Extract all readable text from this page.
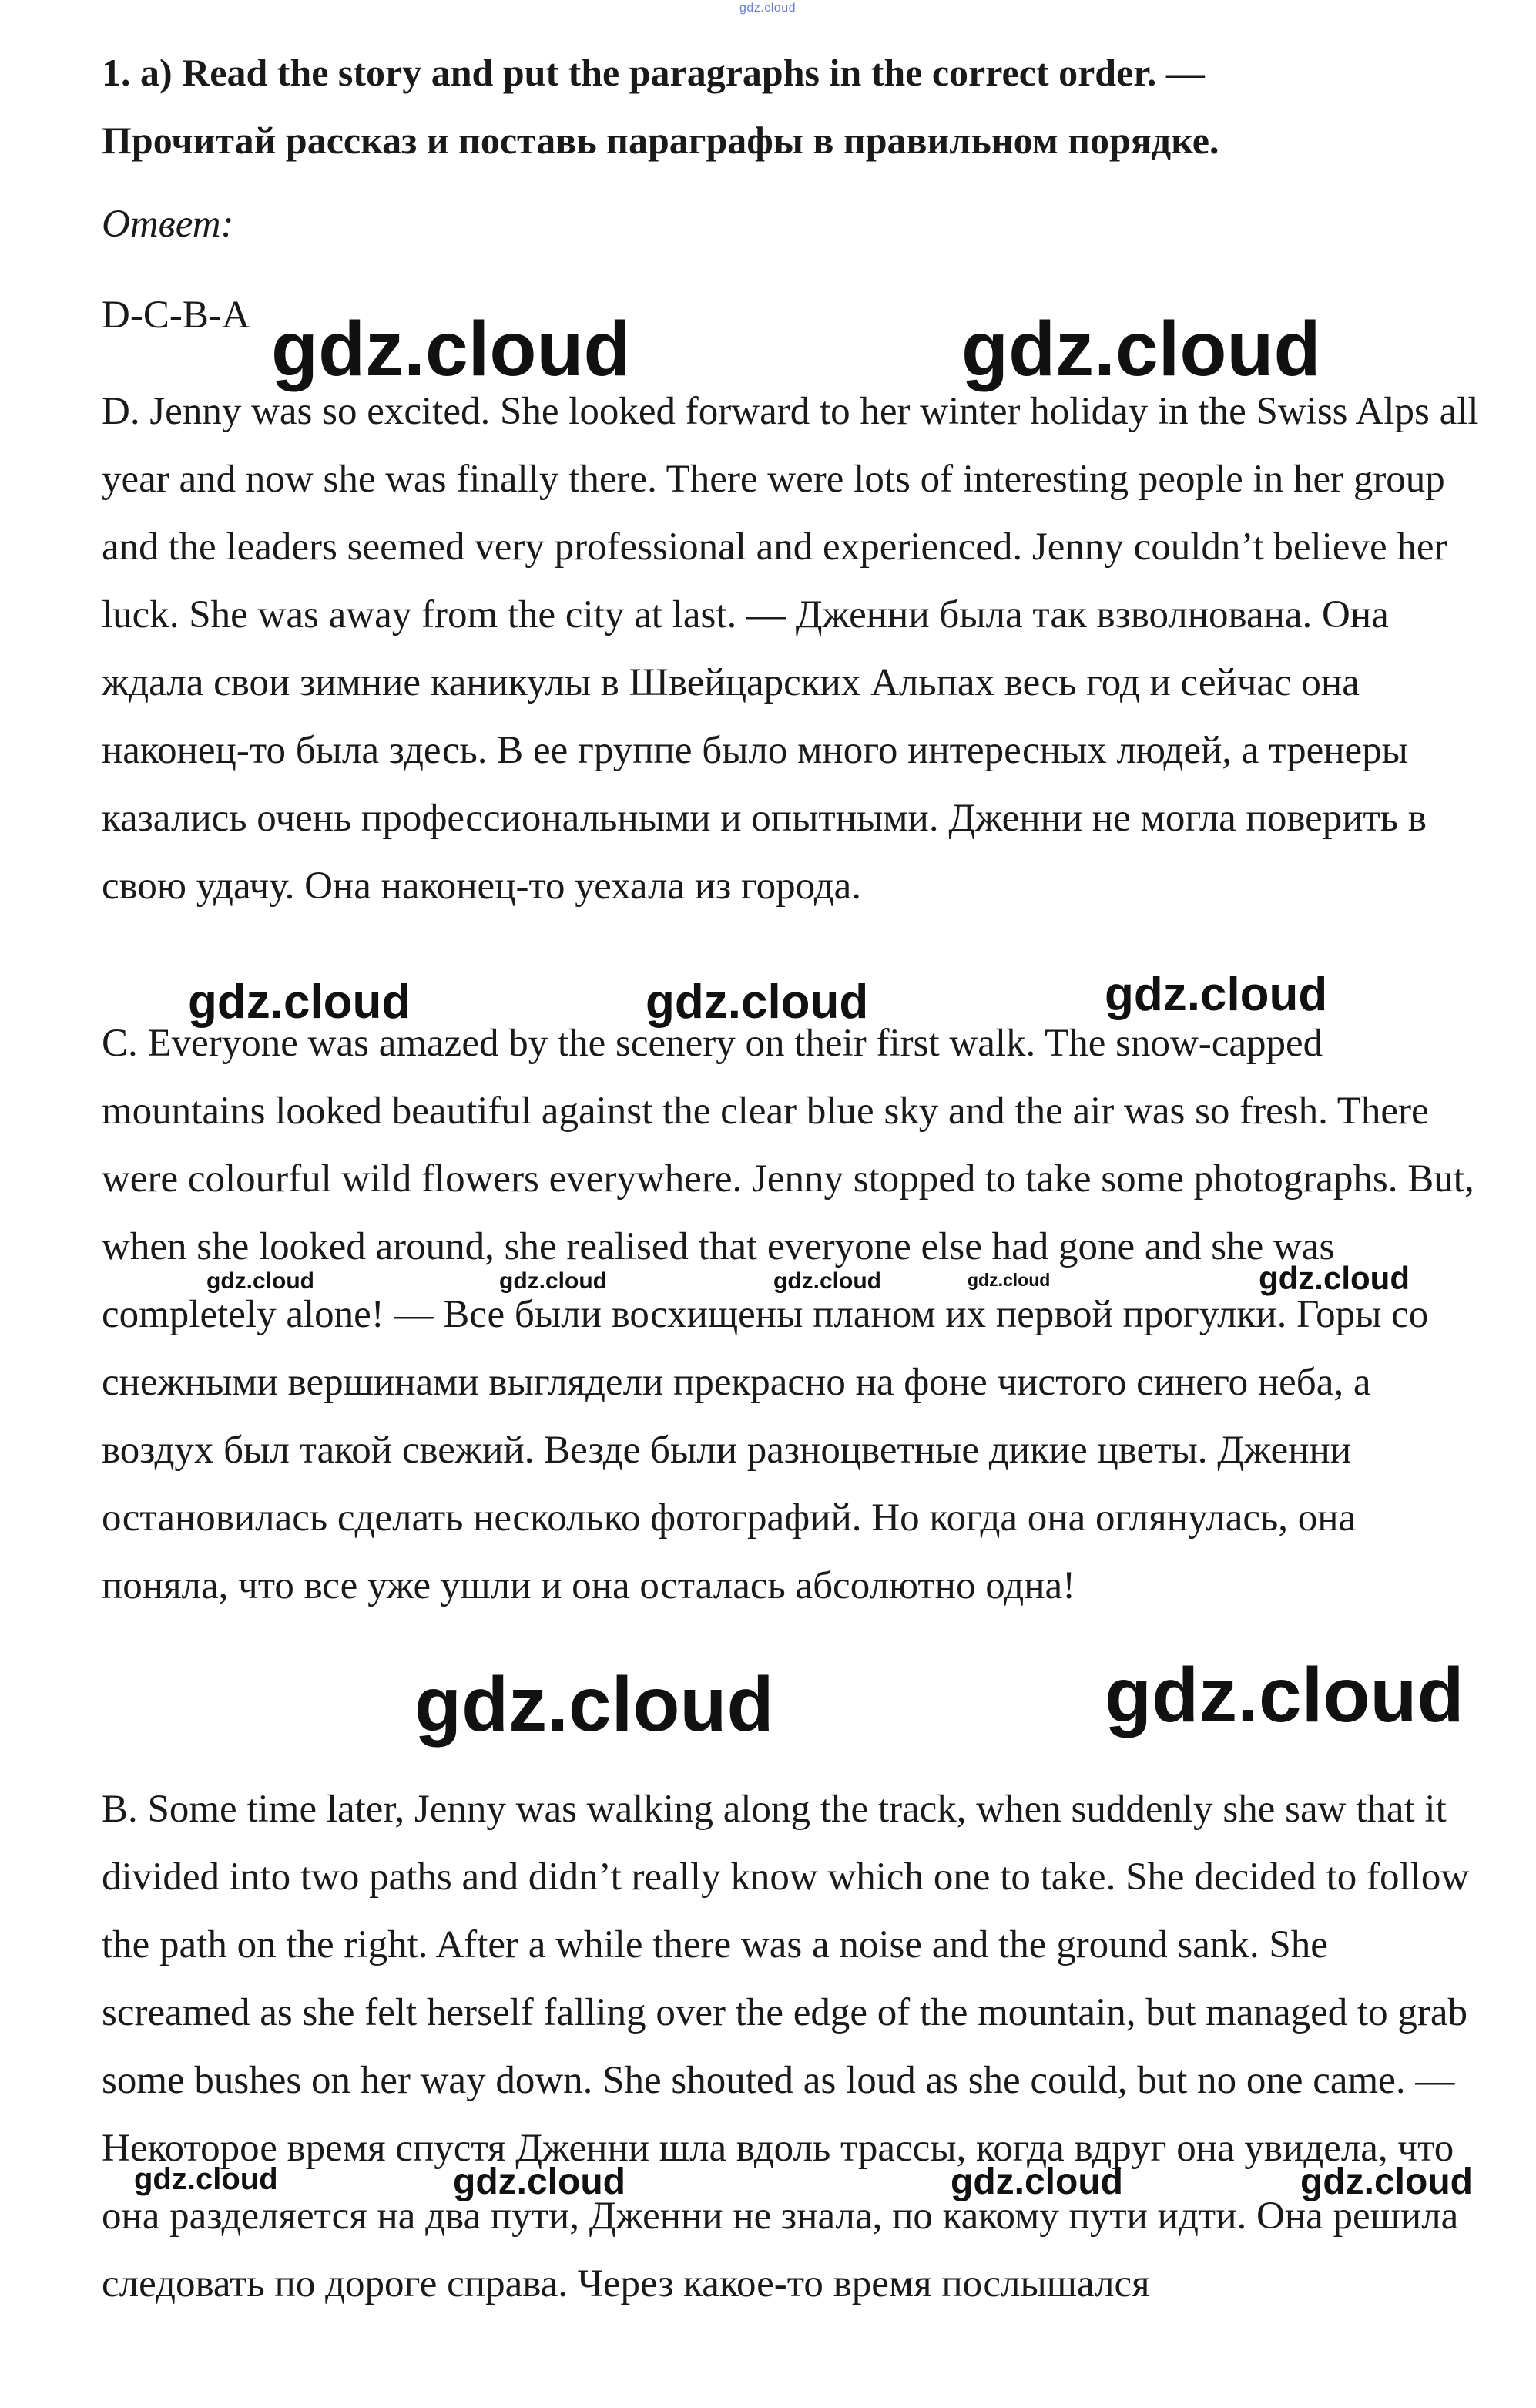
gdz.cloud

1. a) Read the story and put the paragraphs in the correct order. —
Прочитай рассказ и поставь параграфы в правильном порядке.

Ответ:

D-C-B-A

D. Jenny was so excited. She looked forward to her winter holiday in the Swiss Alps all year and now she was finally there. There were lots of interesting people in her group and the leaders seemed very professional and experienced. Jenny couldn’t believe her luck. She was away from the city at last. — Дженни была так взволнована. Она ждала свои зимние каникулы в Швейцарских Альпах весь год и сейчас она наконец-то была здесь. В ее группе было много интересных людей, а тренеры казались очень профессиональными и опытными. Дженни не могла поверить в свою удачу. Она наконец-то уехала из города.

C. Everyone was amazed by the scenery on their first walk. The snow-capped mountains looked beautiful against the clear blue sky and the air was so fresh. There were colourful wild flowers everywhere. Jenny stopped to take some photographs. But, when she looked around, she realised that everyone else had gone and she was completely alone! — Все были восхищены планом их первой прогулки. Горы со снежными вершинами выглядели прекрасно на фоне чистого синего неба, а воздух был такой свежий. Везде были разноцветные дикие цветы. Дженни остановилась сделать несколько фотографий. Но когда она оглянулась, она поняла, что все уже ушли и она осталась абсолютно одна!

B. Some time later, Jenny was walking along the track, when suddenly she saw that it divided into two paths and didn’t really know which one to take. She decided to follow the path on the right. After a while there was a noise and the ground sank. She screamed as she felt herself falling over the edge of the mountain, but managed to grab some bushes on her way down. She shouted as loud as she could, but no one came. — Некоторое время спустя Дженни шла вдоль трассы, когда вдруг она увидела, что она разделяется на два пути, Дженни не знала, по какому пути идти. Она решила следовать по дороге справа. Через какое-то время послышался

gdz.cloud	gdz.cloud
gdz.cloud	gdz.cloud	gdz.cloud
gdz.cloud	gdz.cloud	gdz.cloud	gdz.cloud	gdz.cloud
gdz.cloud	gdz.cloud
gdz.cloud	gdz.cloud	gdz.cloud	gdz.cloud
